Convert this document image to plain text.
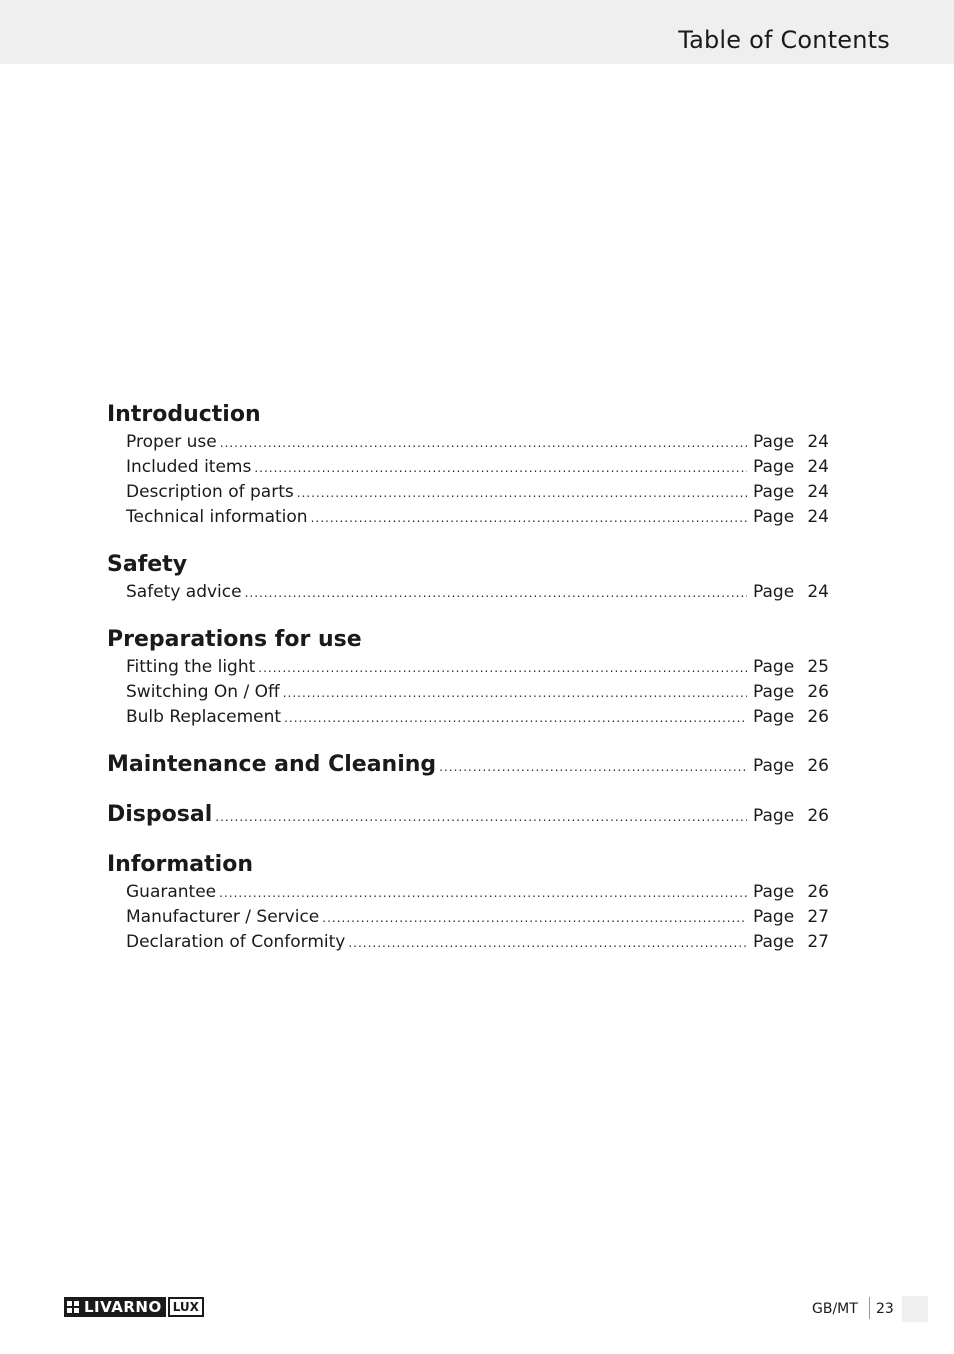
Table of Contents
Introduction
Proper use .....	Page 24
Included items .....	Page 24
Description of parts .....	Page 24
Technical information .....	Page 24
Safety
Safety advice .....	Page 24
Preparations for use
Fitting the light .....	Page 25
Switching On / Off .....	Page 26
Bulb Replacement .....	Page 26
Maintenance and Cleaning .....	Page 26
Disposal .....	Page 26
Information
Guarantee .....	Page 26
Manufacturer / Service .....	Page 27
Declaration of Conformity .....	Page 27
LIVARNO LUX	GB/MT 23
